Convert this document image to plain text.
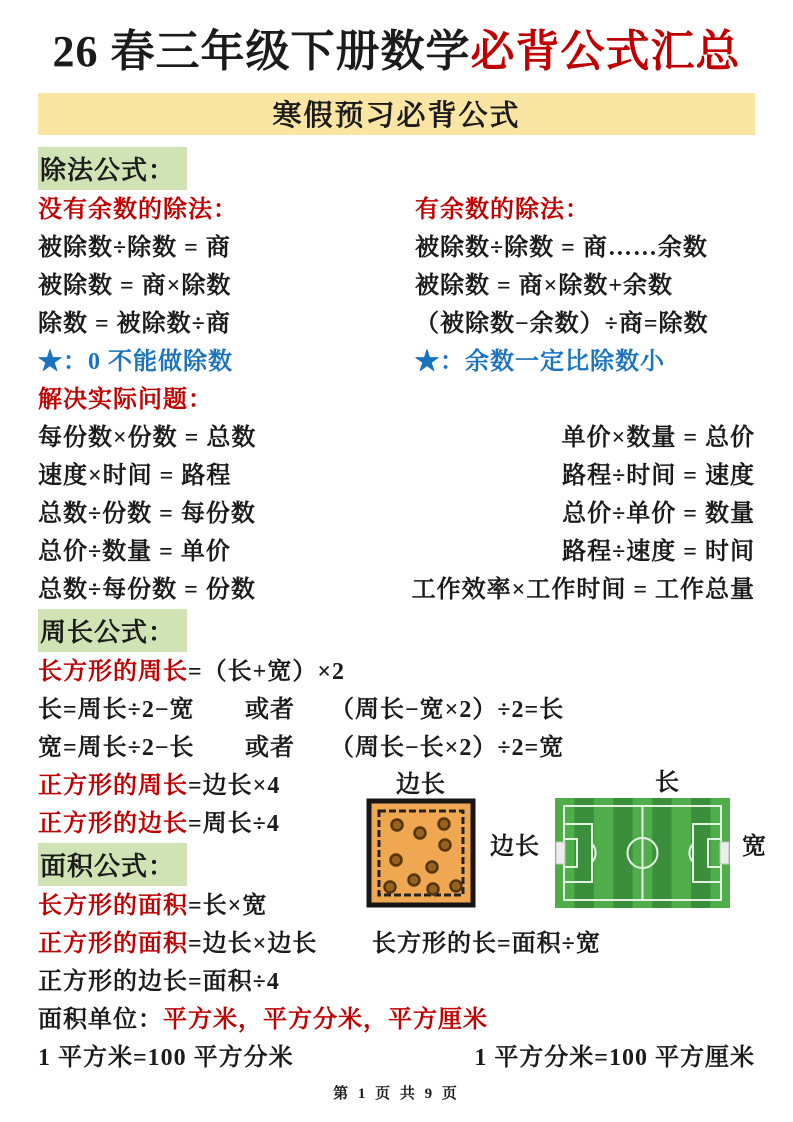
26 春三年级下册数学必背公式汇总
寒假预习必背公式
除法公式：
没有余数的除法：	有余数的除法：
被除数÷除数 = 商	被除数÷除数 = 商……余数
被除数 = 商×除数	被除数 = 商×除数+余数
除数 = 被除数÷商	（被除数−余数）÷商=除数
★：0 不能做除数	★：余数一定比除数小
解决实际问题：
每份数×份数 = 总数	单价×数量 = 总价
速度×时间 = 路程	路程÷时间 = 速度
总数÷份数 = 每份数	总价÷单价 = 数量
总价÷数量 = 单价	路程÷速度 = 时间
总数÷每份数 = 份数	工作效率×工作时间 = 工作总量
周长公式：
长方形的周长 =（长+宽）×2
长=周长÷2−宽	或者	（周长−宽×2）÷2=长
宽=周长÷2−长	或者	（周长−长×2）÷2=宽
正方形的周长 =边长×4
正方形的边长 =周长÷4
面积公式：
长方形的面积 =长×宽
正方形的面积 =边长×边长 长方形的长=面积÷宽
正方形的边长=面积÷4
面积单位： 平方米，平方分米，平方厘米
1 平方米=100 平方分米	1 平方分米=100 平方厘米
第 1 页 共 9 页
边长
边长
长
宽
